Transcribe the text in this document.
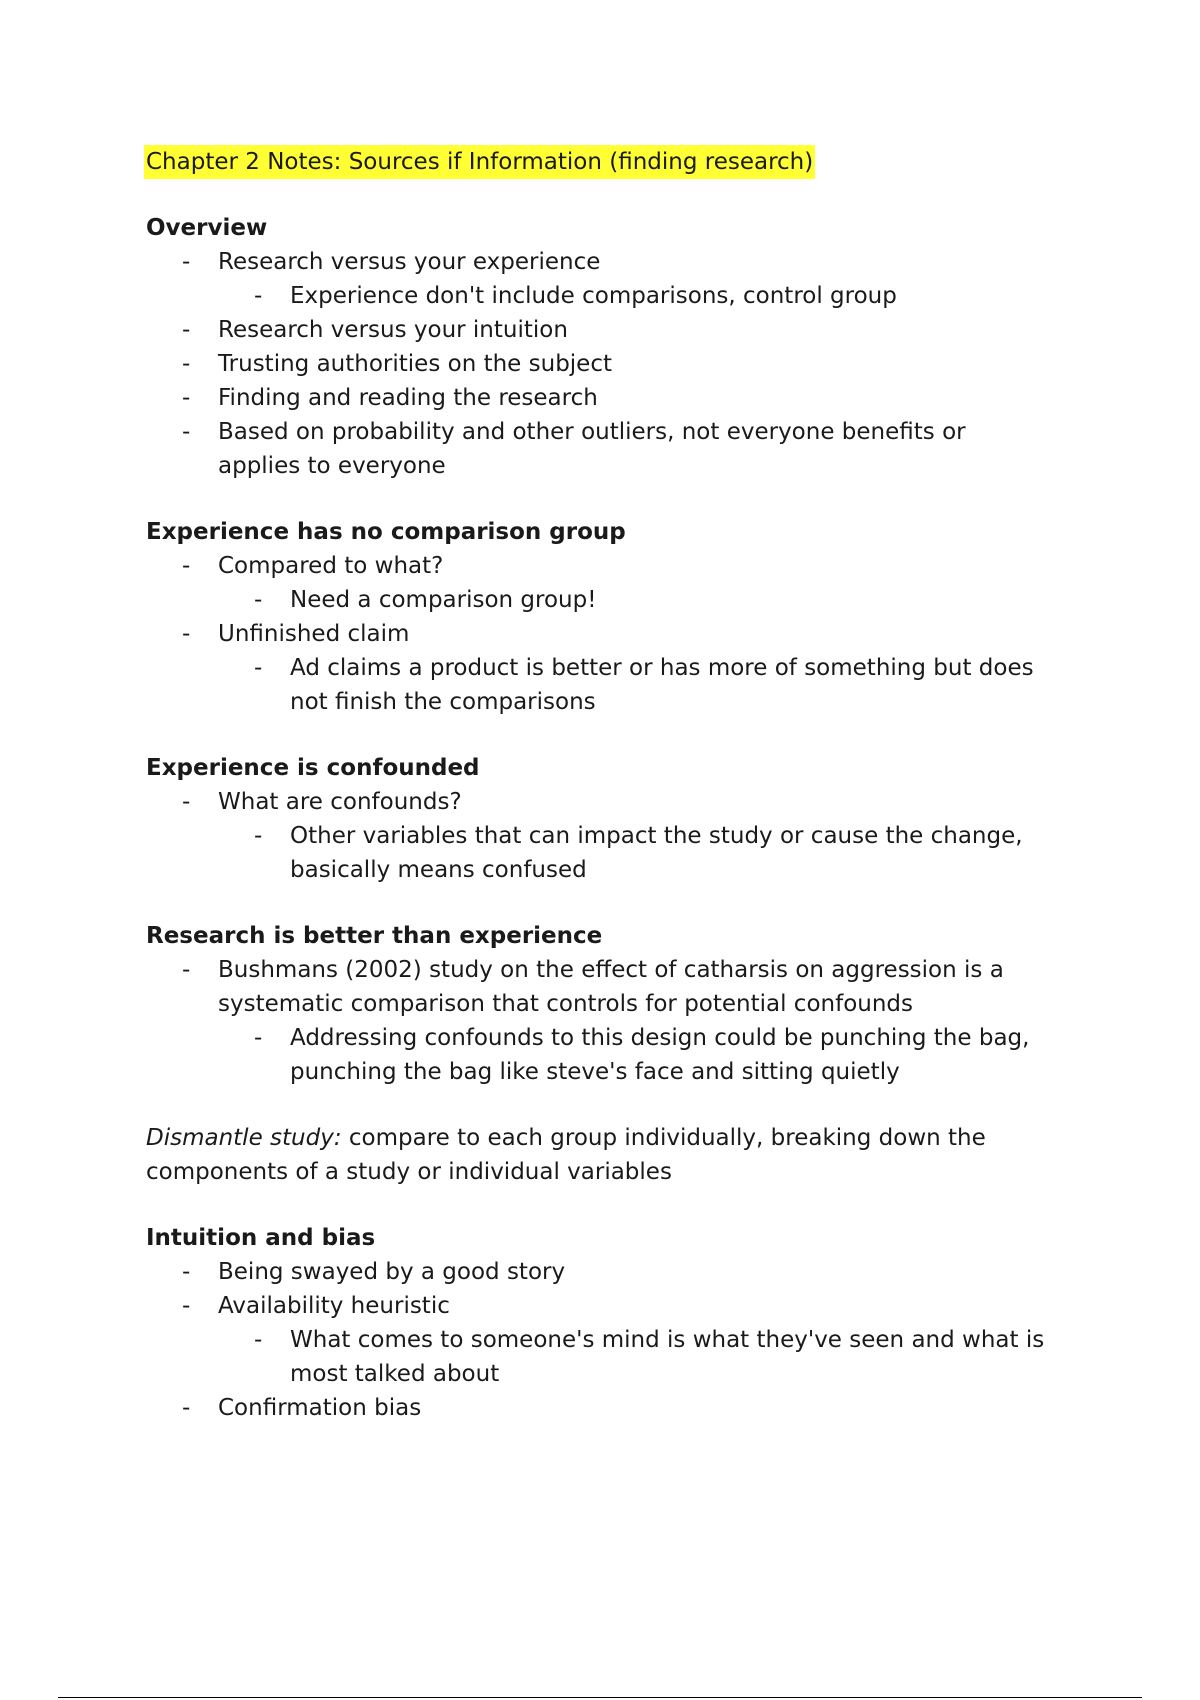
Chapter 2 Notes: Sources if Information (finding research)
Overview
- Research versus your experience
- Experience don't include comparisons, control group
- Research versus your intuition
- Trusting authorities on the subject
- Finding and reading the research
- Based on probability and other outliers, not everyone benefits or
applies to everyone
Experience has no comparison group
- Compared to what?
- Need a comparison group!
- Unfinished claim
- Ad claims a product is better or has more of something but does
not finish the comparisons
Experience is confounded
- What are confounds?
- Other variables that can impact the study or cause the change,
basically means confused
Research is better than experience
- Bushmans (2002) study on the effect of catharsis on aggression is a
systematic comparison that controls for potential confounds
- Addressing confounds to this design could be punching the bag,
punching the bag like steve's face and sitting quietly
Dismantle study: compare to each group individually, breaking down the
components of a study or individual variables
Intuition and bias
- Being swayed by a good story
- Availability heuristic
- What comes to someone's mind is what they've seen and what is
most talked about
- Confirmation bias
